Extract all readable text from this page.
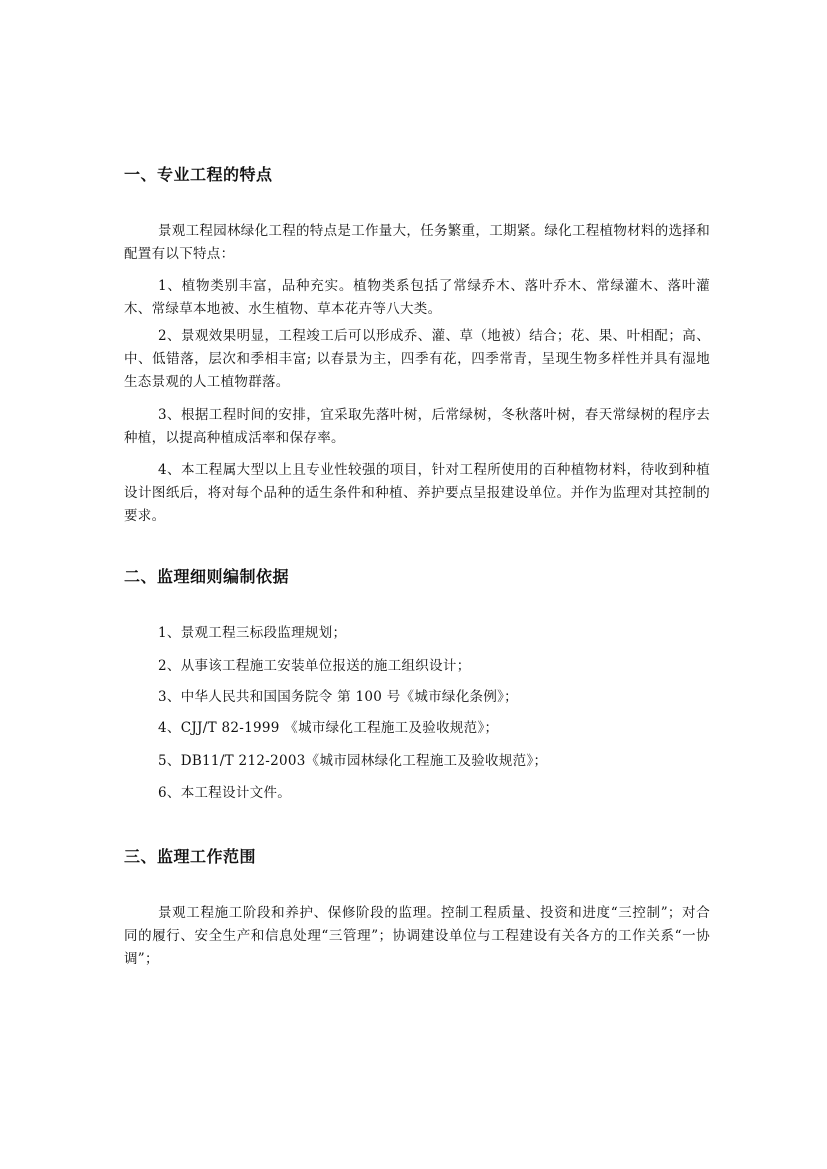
一、专业工程的特点
景观工程园林绿化工程的特点是工作量大，任务繁重，工期紧。绿化工程植物材料的选择和配置有以下特点：
1、植物类别丰富，品种充实。植物类系包括了常绿乔木、落叶乔木、常绿灌木、落叶灌木、常绿草本地被、水生植物、草本花卉等八大类。
2、景观效果明显，工程竣工后可以形成乔、灌、草（地被）结合；花、果、叶相配；高、中、低错落，层次和季相丰富; 以春景为主，四季有花，四季常青，呈现生物多样性并具有湿地生态景观的人工植物群落。
3、根据工程时间的安排，宜采取先落叶树，后常绿树，冬秋落叶树，春天常绿树的程序去种植，以提高种植成活率和保存率。
4、本工程属大型以上且专业性较强的项目，针对工程所使用的百种植物材料，待收到种植设计图纸后，将对每个品种的适生条件和种植、养护要点呈报建设单位。并作为监理对其控制的要求。
二、监理细则编制依据
1、景观工程三标段监理规划；
2、从事该工程施工安装单位报送的施工组织设计；
3、中华人民共和国国务院令 第 100 号《城市绿化条例》；
4、CJJ/T 82-1999 《城市绿化工程施工及验收规范》；
5、DB11/T 212-2003《城市园林绿化工程施工及验收规范》；
6、本工程设计文件。
三、监理工作范围
景观工程施工阶段和养护、保修阶段的监理。控制工程质量、投资和进度“三控制”；对合同的履行、安全生产和信息处理“三管理”；协调建设单位与工程建设有关各方的工作关系“一协调”；
